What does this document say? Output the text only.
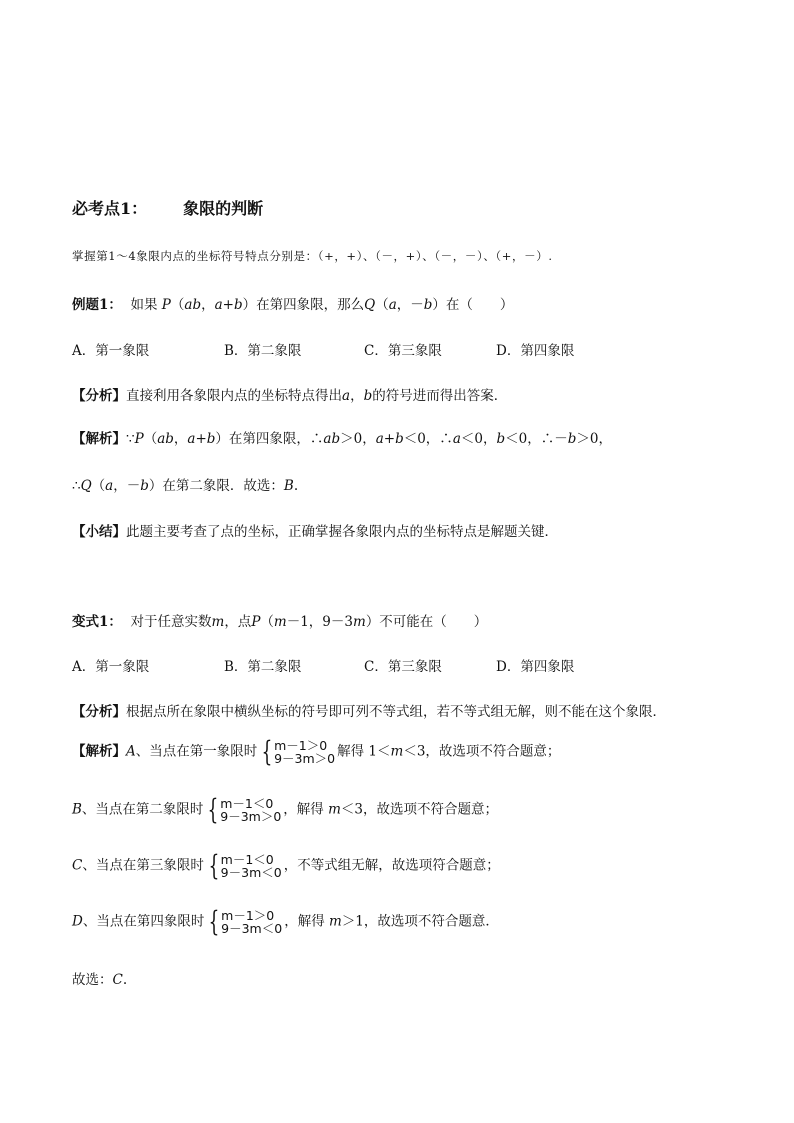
必考点1： 象限的判断
掌握第1～4象限内点的坐标符号特点分别是：（+，+）、（－，+）、（－，－）、（+，－）.
例题1： 如果 P（ab，a+b）在第四象限，那么Q（a，－b）在（　　）
A．第一象限	B．第二象限	C．第三象限	D．第四象限
【分析】直接利用各象限内点的坐标特点得出a，b的符号进而得出答案．
【解析】∵P（ab，a+b）在第四象限，∴ab＞0，a+b＜0，∴a＜0，b＜0，∴－b＞0，
∴Q（a，－b）在第二象限．故选：B.
【小结】此题主要考查了点的坐标，正确掌握各象限内点的坐标特点是解题关键．
变式1： 对于任意实数m，点P（m－1，9－3m）不可能在（　　）
A．第一象限	B．第二象限	C．第三象限	D．第四象限
【分析】根据点所在象限中横纵坐标的符号即可列不等式组，若不等式组无解，则不能在这个象限．
【解析】A、当点在第一象限时 { m－1＞0
9－3m＞0 解得 1＜m＜3，故选项不符合题意；
B、当点在第二象限时 { m－1＜0
9－3m＞0 ，解得 m＜3，故选项不符合题意；
C、当点在第三象限时 { m－1＜0
9－3m＜0 ，不等式组无解，故选项符合题意；
D、当点在第四象限时 { m－1＞0
9－3m＜0 ，解得 m＞1，故选项不符合题意．
故选：C.
